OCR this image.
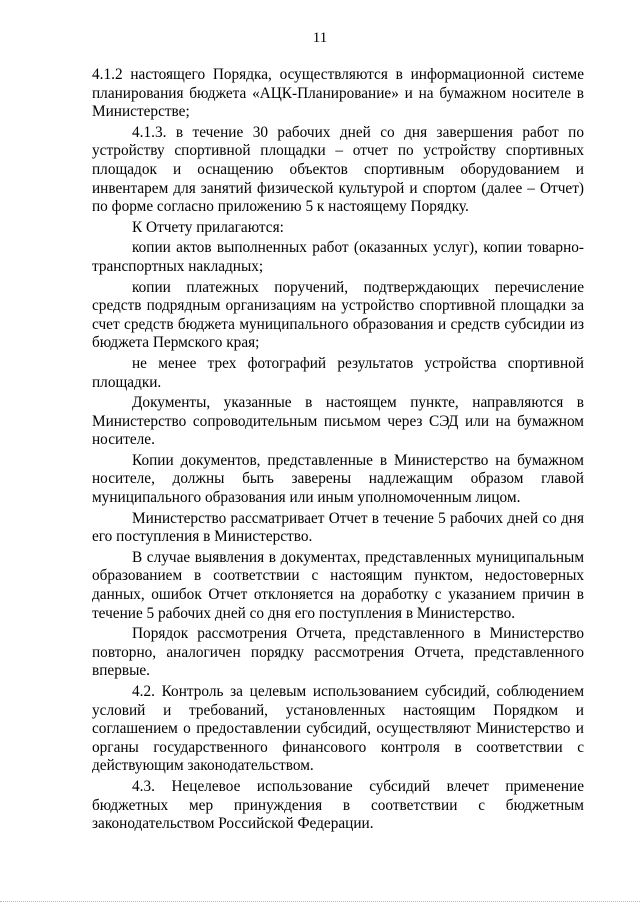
11

4.1.2 настоящего Порядка, осуществляются в информационной системе планирования бюджета «АЦК-Планирование» и на бумажном носителе в Министерстве;

4.1.3. в течение 30 рабочих дней со дня завершения работ по устройству спортивной площадки – отчет по устройству спортивных площадок и оснащению объектов спортивным оборудованием и инвентарем для занятий физической культурой и спортом (далее – Отчет) по форме согласно приложению 5 к настоящему Порядку.

К Отчету прилагаются:

копии актов выполненных работ (оказанных услуг), копии товарно-транспортных накладных;

копии платежных поручений, подтверждающих перечисление средств подрядным организациям на устройство спортивной площадки за счет средств бюджета муниципального образования и средств субсидии из бюджета Пермского края;

не менее трех фотографий результатов устройства спортивной площадки.

Документы, указанные в настоящем пункте, направляются в Министерство сопроводительным письмом через СЭД или на бумажном носителе.

Копии документов, представленные в Министерство на бумажном носителе, должны быть заверены надлежащим образом главой муниципального образования или иным уполномоченным лицом.

Министерство рассматривает Отчет в течение 5 рабочих дней со дня его поступления в Министерство.

В случае выявления в документах, представленных муниципальным образованием в соответствии с настоящим пунктом, недостоверных данных, ошибок Отчет отклоняется на доработку с указанием причин в течение 5 рабочих дней со дня его поступления в Министерство.

Порядок рассмотрения Отчета, представленного в Министерство повторно, аналогичен порядку рассмотрения Отчета, представленного впервые.

4.2. Контроль за целевым использованием субсидий, соблюдением условий и требований, установленных настоящим Порядком и соглашением о предоставлении субсидий, осуществляют Министерство и органы государственного финансового контроля в соответствии с действующим законодательством.

4.3. Нецелевое использование субсидий влечет применение бюджетных мер принуждения в соответствии с бюджетным законодательством Российской Федерации.
